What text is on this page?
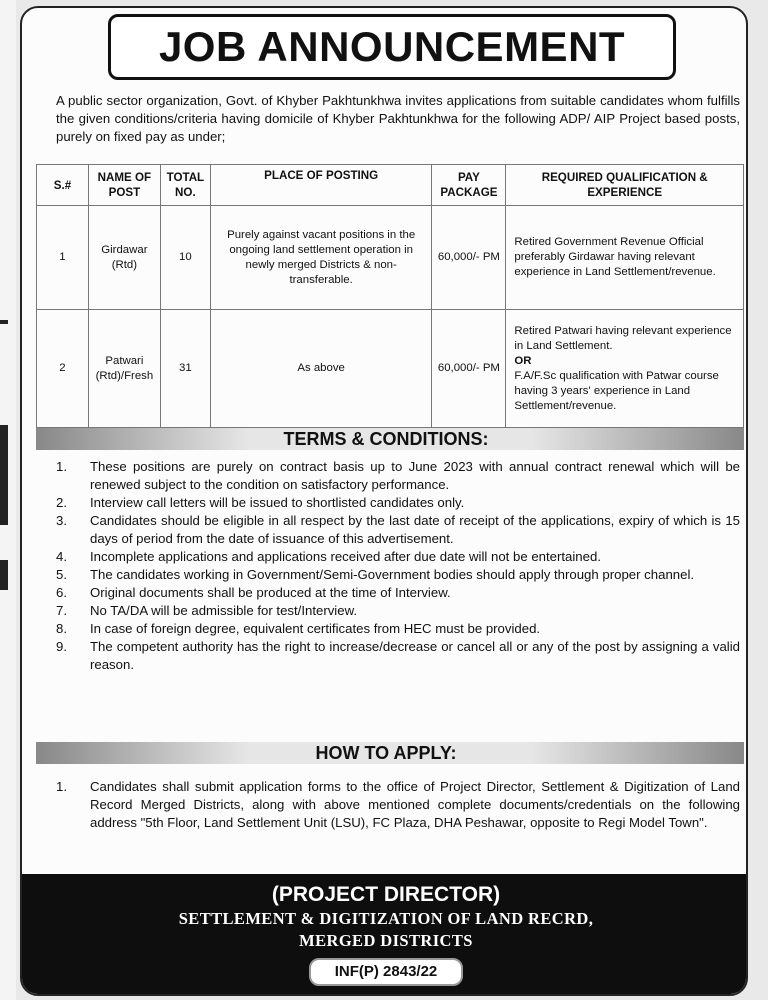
JOB ANNOUNCEMENT

A public sector organization, Govt. of Khyber Pakhtunkhwa invites applications from suitable candidates whom fulfills the given conditions/criteria having domicile of Khyber Pakhtunkhwa for the following ADP/ AIP Project based posts, purely on fixed pay as under;

S.#	NAME OF POST	TOTAL NO.	PLACE OF POSTING	PAY PACKAGE	REQUIRED QUALIFICATION & EXPERIENCE
1	Girdawar (Rtd)	10	Purely against vacant positions in the ongoing land settlement operation in newly merged Districts & non-transferable.	60,000/- PM	Retired Government Revenue Official preferably Girdawar having relevant experience in Land Settlement/revenue.
2	Patwari (Rtd)/Fresh	31	As above	60,000/- PM	Retired Patwari having relevant experience in Land Settlement.
OR
F.A/F.Sc qualification with Patwar course having 3 years' experience in Land Settlement/revenue.
TERMS & CONDITIONS:
1. These positions are purely on contract basis up to June 2023 with annual contract renewal which will be renewed subject to the condition on satisfactory performance.
2. Interview call letters will be issued to shortlisted candidates only.
3. Candidates should be eligible in all respect by the last date of receipt of the applications, expiry of which is 15 days of period from the date of issuance of this advertisement.
4. Incomplete applications and applications received after due date will not be entertained.
5. The candidates working in Government/Semi-Government bodies should apply through proper channel.
6. Original documents shall be produced at the time of Interview.
7. No TA/DA will be admissible for test/Interview.
8. In case of foreign degree, equivalent certificates from HEC must be provided.
9. The competent authority has the right to increase/decrease or cancel all or any of the post by assigning a valid reason.
HOW TO APPLY:
1. Candidates shall submit application forms to the office of Project Director, Settlement & Digitization of Land Record Merged Districts, along with above mentioned complete documents/credentials on the following address "5th Floor, Land Settlement Unit (LSU), FC Plaza, DHA Peshawar, opposite to Regi Model Town".
(PROJECT DIRECTOR)
SETTLEMENT & DIGITIZATION OF LAND RECRD,
MERGED DISTRICTS
INF(P) 2843/22
